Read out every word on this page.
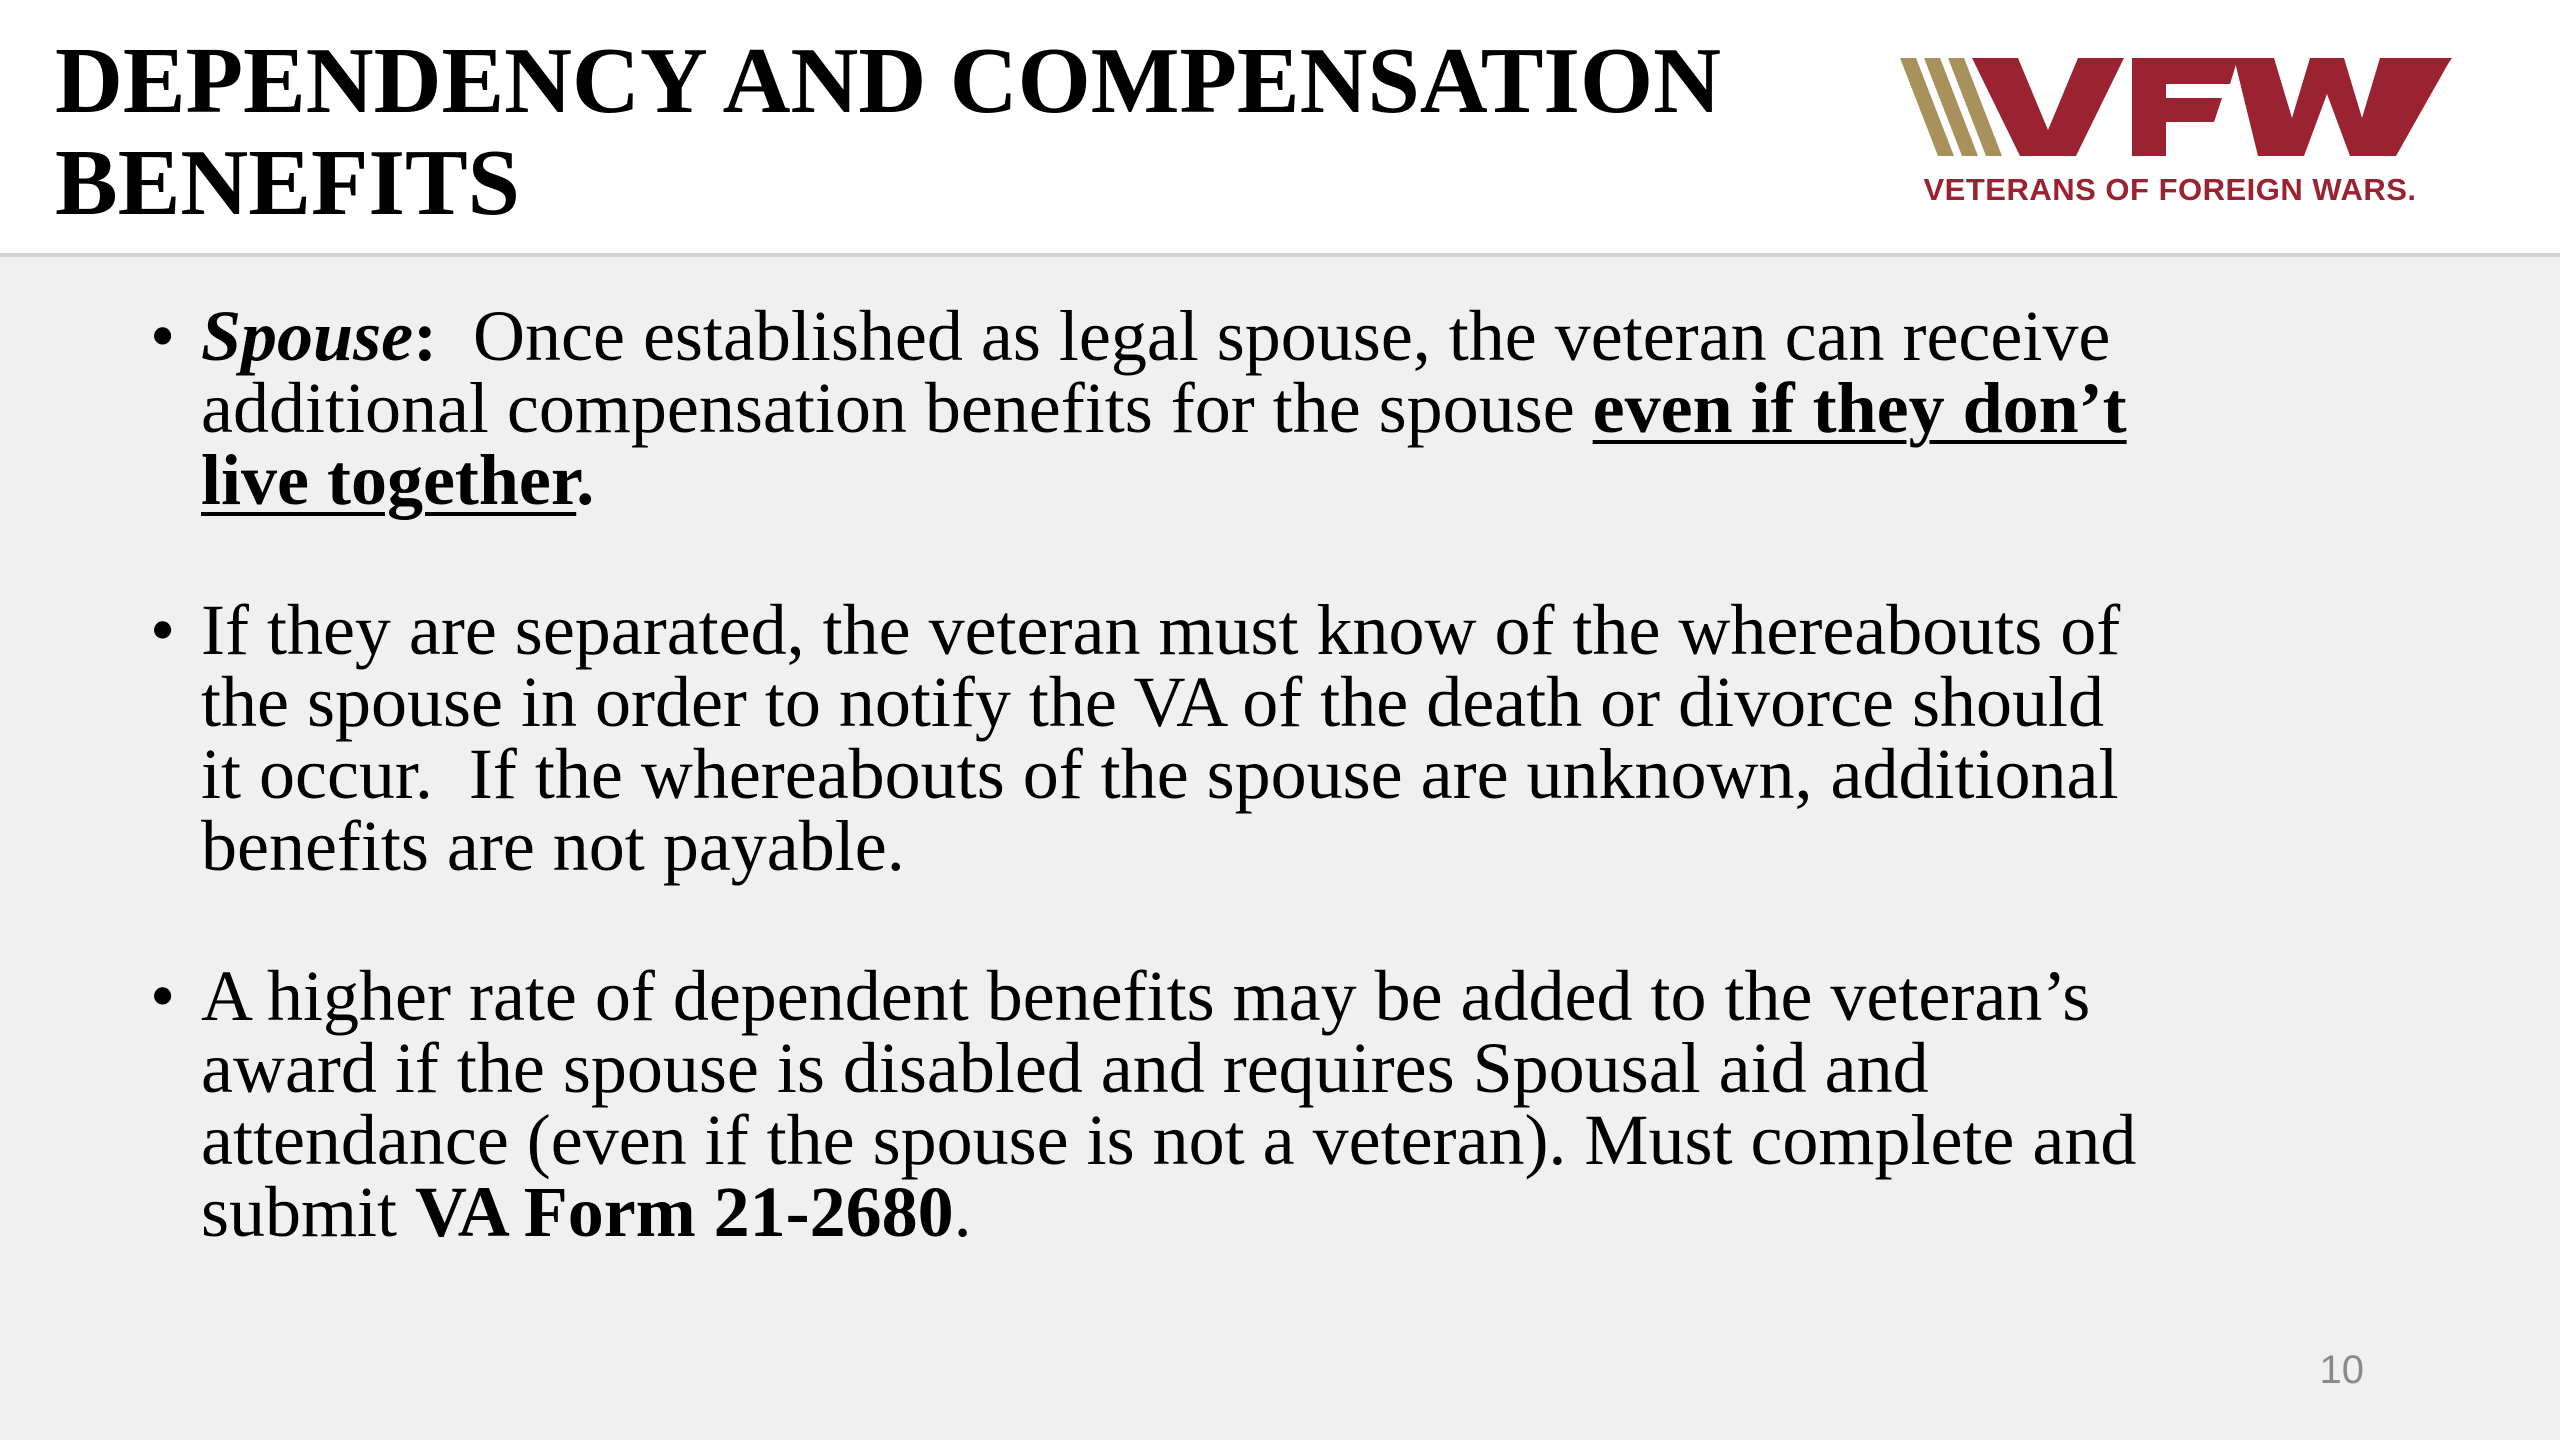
DEPENDENCY AND COMPENSATION BENEFITS	VETERANS OF FOREIGN WARS.
• Spouse:  Once established as legal spouse, the veteran can receive additional compensation benefits for the spouse even if they don’t live together.
• If they are separated, the veteran must know of the whereabouts of the spouse in order to notify the VA of the death or divorce should it occur.  If the whereabouts of the spouse are unknown, additional benefits are not payable.
• A higher rate of dependent benefits may be added to the veteran’s award if the spouse is disabled and requires Spousal aid and attendance (even if the spouse is not a veteran). Must complete and submit VA Form 21-2680.
10
